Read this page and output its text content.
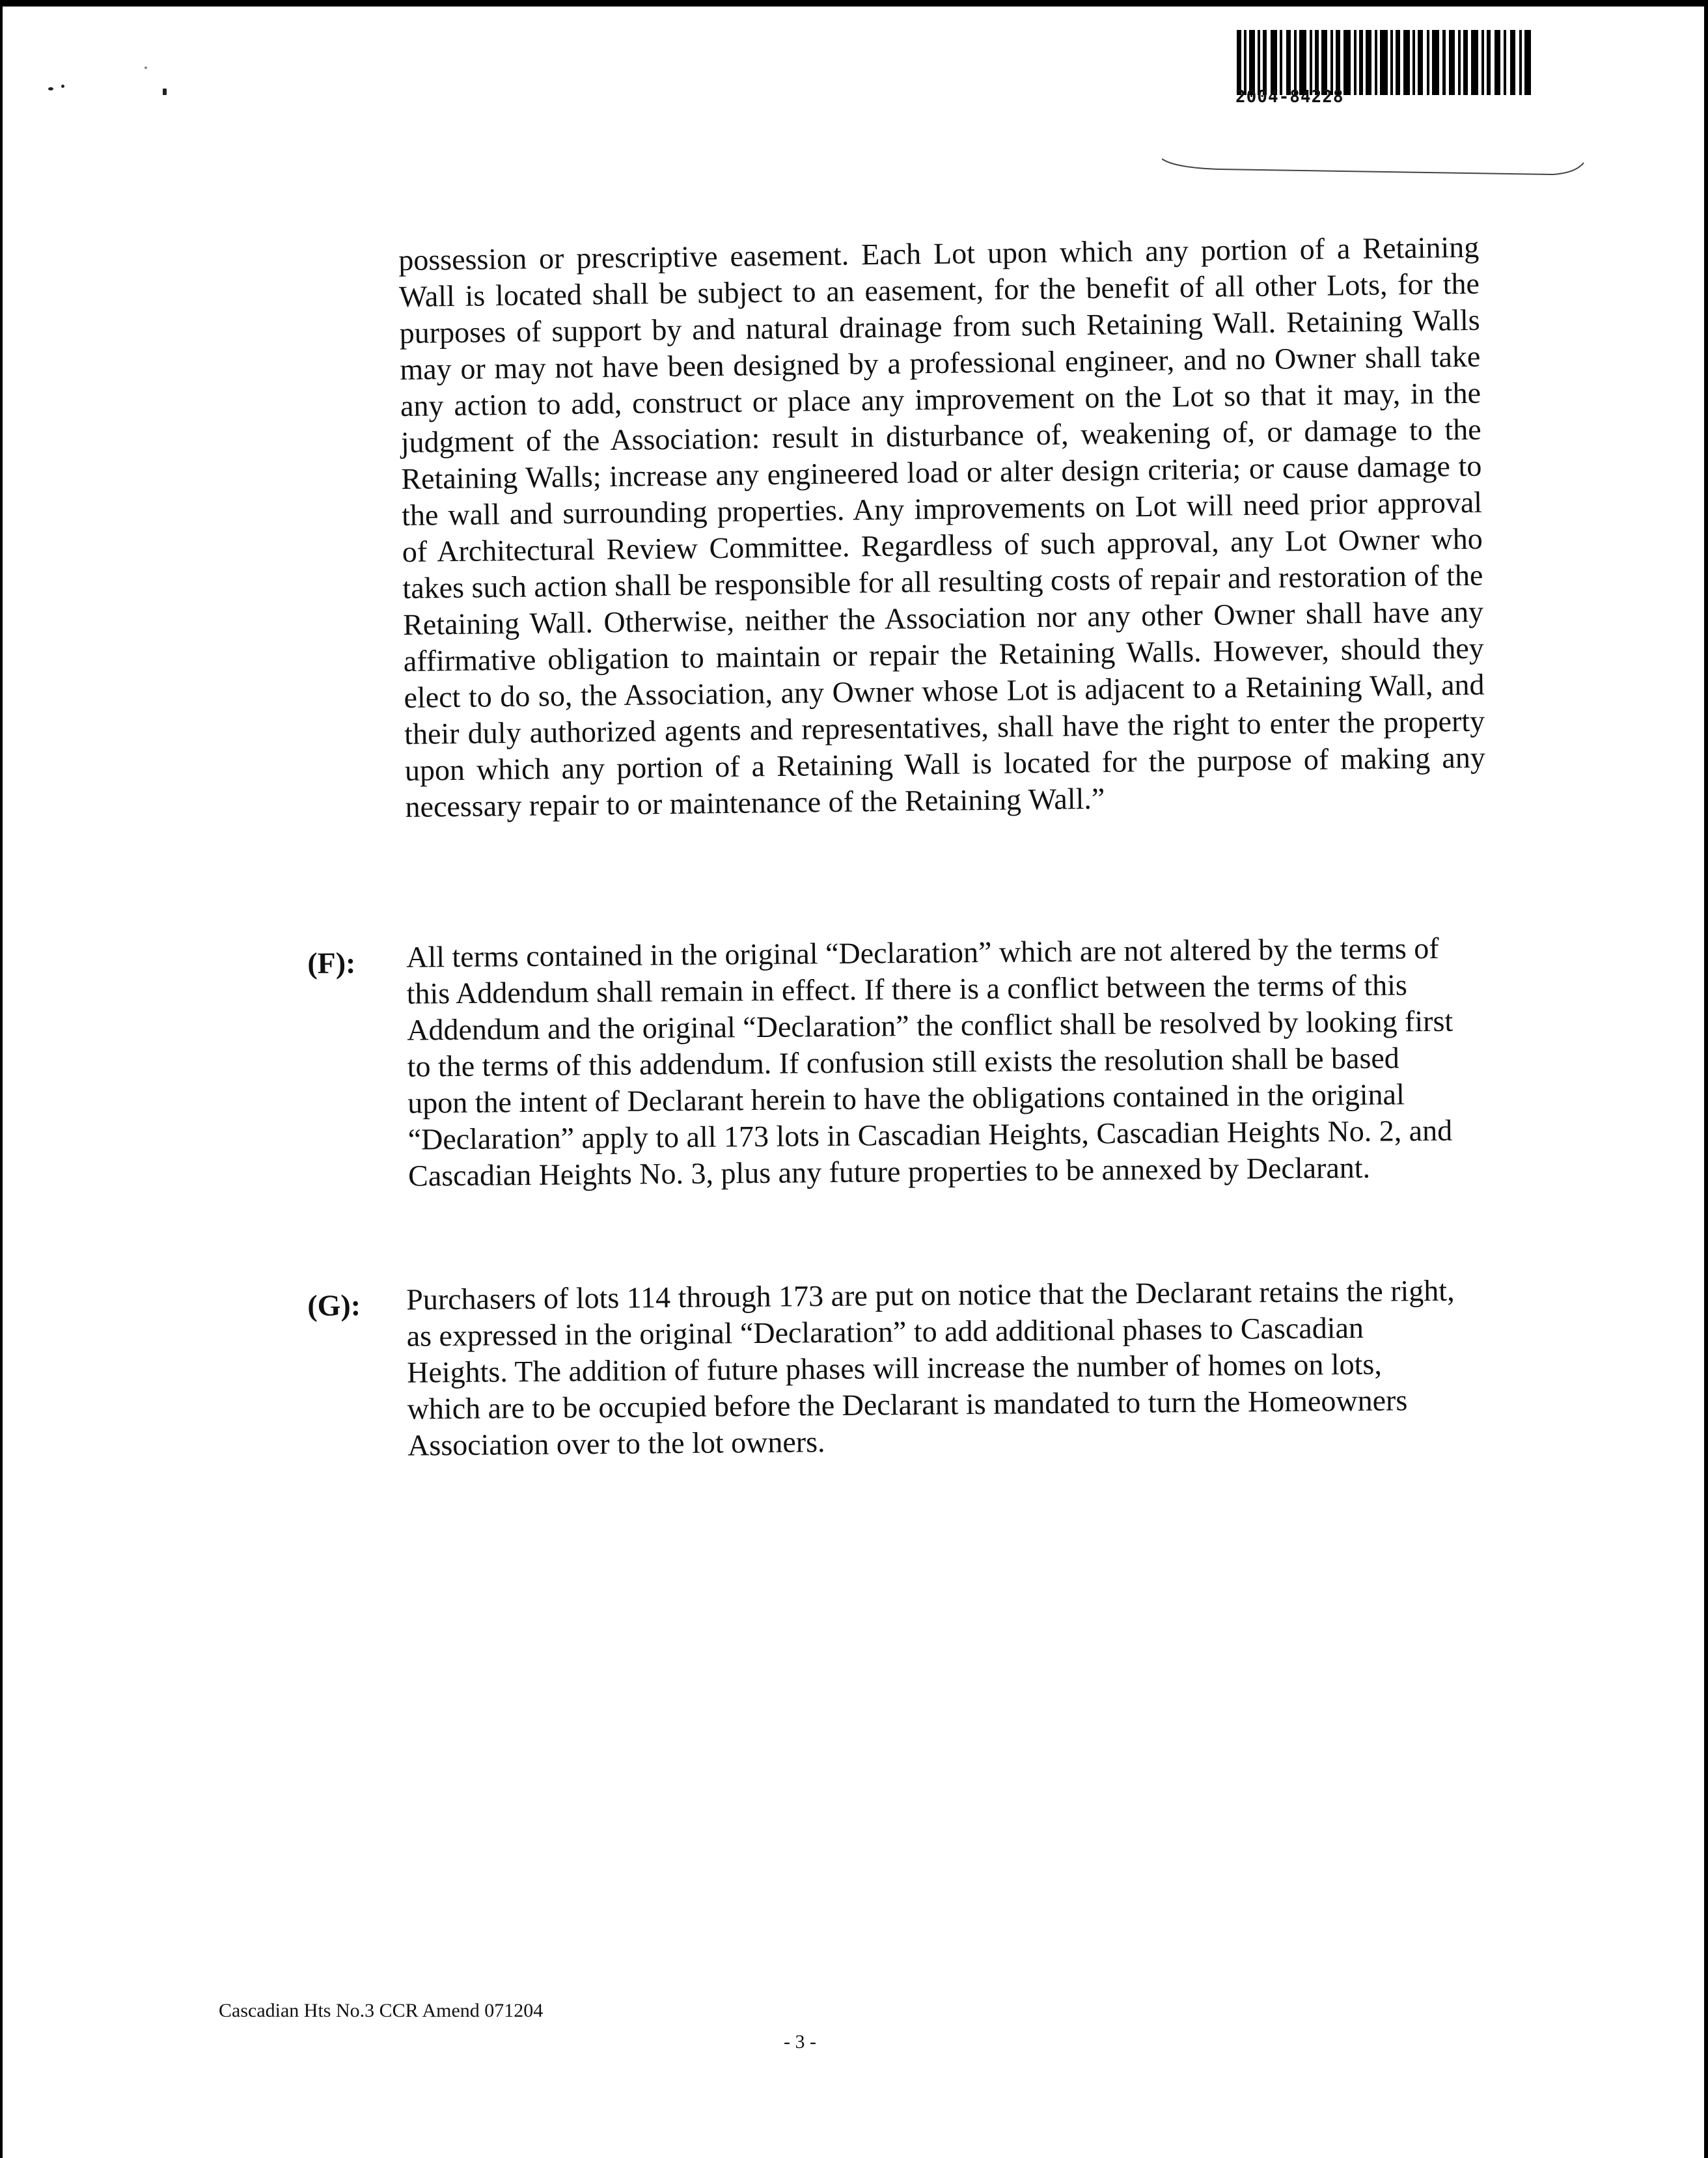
2004-84228

possession or prescriptive easement. Each Lot upon which any portion of a Retaining Wall is located shall be subject to an easement, for the benefit of all other Lots, for the purposes of support by and natural drainage from such Retaining Wall. Retaining Walls may or may not have been designed by a professional engineer, and no Owner shall take any action to add, construct or place any improvement on the Lot so that it may, in the judgment of the Association: result in disturbance of, weakening of, or damage to the Retaining Walls; increase any engineered load or alter design criteria; or cause damage to the wall and surrounding properties. Any improvements on Lot will need prior approval of Architectural Review Committee. Regardless of such approval, any Lot Owner who takes such action shall be responsible for all resulting costs of repair and restoration of the Retaining Wall. Otherwise, neither the Association nor any other Owner shall have any affirmative obligation to maintain or repair the Retaining Walls. However, should they elect to do so, the Association, any Owner whose Lot is adjacent to a Retaining Wall, and their duly authorized agents and representatives, shall have the right to enter the property upon which any portion of a Retaining Wall is located for the purpose of making any necessary repair to or maintenance of the Retaining Wall.”

(F): All terms contained in the original “Declaration” which are not altered by the terms of this Addendum shall remain in effect. If there is a conflict between the terms of this Addendum and the original “Declaration” the conflict shall be resolved by looking first to the terms of this addendum. If confusion still exists the resolution shall be based upon the intent of Declarant herein to have the obligations contained in the original “Declaration” apply to all 173 lots in Cascadian Heights, Cascadian Heights No. 2, and Cascadian Heights No. 3, plus any future properties to be annexed by Declarant.

(G): Purchasers of lots 114 through 173 are put on notice that the Declarant retains the right, as expressed in the original “Declaration” to add additional phases to Cascadian Heights. The addition of future phases will increase the number of homes on lots, which are to be occupied before the Declarant is mandated to turn the Homeowners Association over to the lot owners.

Cascadian Hts No.3 CCR Amend 071204
- 3 -
